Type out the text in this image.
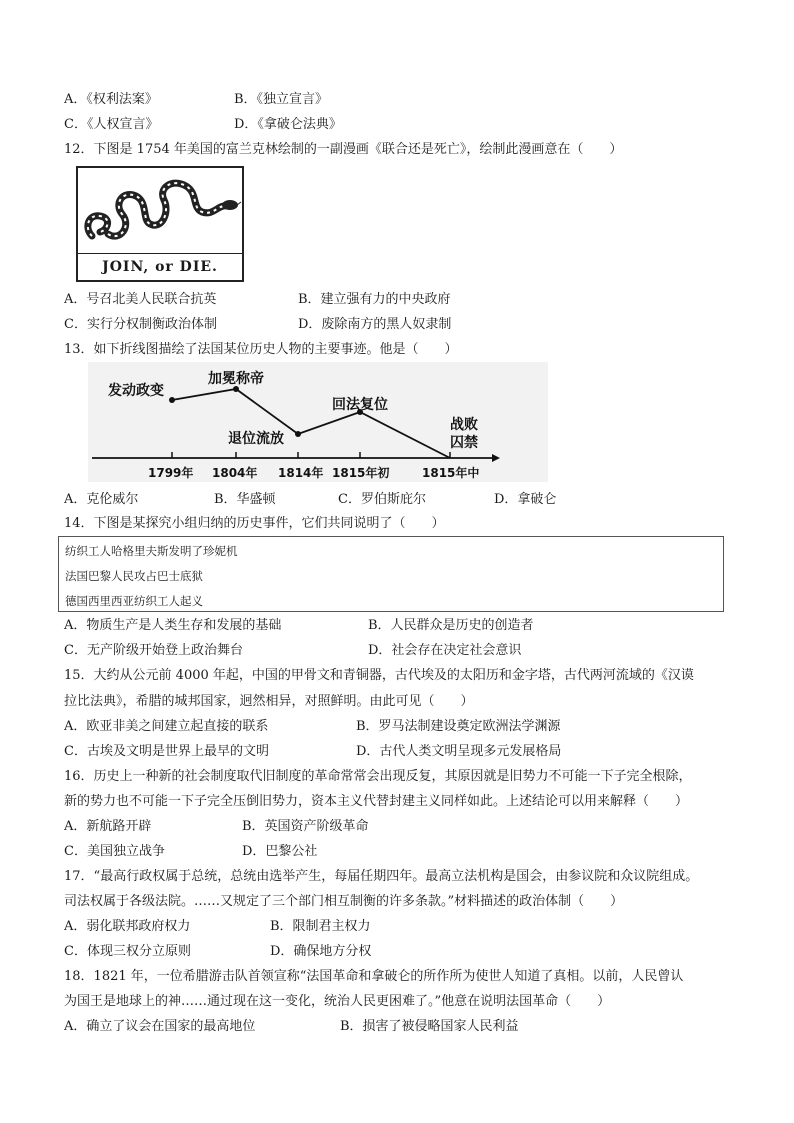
A．《权利法案》	B．《独立宣言》
C．《人权宣言》	D．《拿破仑法典》
12．下图是 1754 年美国的富兰克林绘制的一副漫画《联合还是死亡》，绘制此漫画意在（　　）
JOIN, or DIE.
A．号召北美人民联合抗英	B．建立强有力的中央政府
C．实行分权制衡政治体制	D．废除南方的黑人奴隶制
13．如下折线图描绘了法国某位历史人物的主要事迹。他是（　　）
发动政变
加冕称帝
退位流放
回法复位
战败
囚禁
1799年 1804年 1814年 1815年初	1815年中
A．克伦威尔	B．华盛顿	C．罗伯斯庇尔	D．拿破仑
14．下图是某探究小组归纳的历史事件，它们共同说明了（　　）
纺织工人哈格里夫斯发明了珍妮机
法国巴黎人民攻占巴士底狱
德国西里西亚纺织工人起义
A．物质生产是人类生存和发展的基础	B．人民群众是历史的创造者
C．无产阶级开始登上政治舞台	D．社会存在决定社会意识
15．大约从公元前 4000 年起，中国的甲骨文和青铜器，古代埃及的太阳历和金字塔，古代两河流域的《汉谟
拉比法典》，希腊的城邦国家，迥然相异，对照鲜明。由此可见（　　）
A．欧亚非美之间建立起直接的联系	B．罗马法制建设奠定欧洲法学渊源
C．古埃及文明是世界上最早的文明	D．古代人类文明呈现多元发展格局
16．历史上一种新的社会制度取代旧制度的革命常常会出现反复，其原因就是旧势力不可能一下子完全根除，
新的势力也不可能一下子完全压倒旧势力，资本主义代替封建主义同样如此。上述结论可以用来解释（　　）
A．新航路开辟	B．英国资产阶级革命
C．美国独立战争	D．巴黎公社
17．“最高行政权属于总统，总统由选举产生，每届任期四年。最高立法机构是国会，由参议院和众议院组成。
司法权属于各级法院。……又规定了三个部门相互制衡的许多条款。”材料描述的政治体制（　　）
A．弱化联邦政府权力	B．限制君主权力
C．体现三权分立原则	D．确保地方分权
18．1821 年，一位希腊游击队首领宣称“法国革命和拿破仑的所作所为使世人知道了真相。以前，人民曾认
为国王是地球上的神……通过现在这一变化，统治人民更困难了。”他意在说明法国革命（　　）
A．确立了议会在国家的最高地位	B．损害了被侵略国家人民利益
